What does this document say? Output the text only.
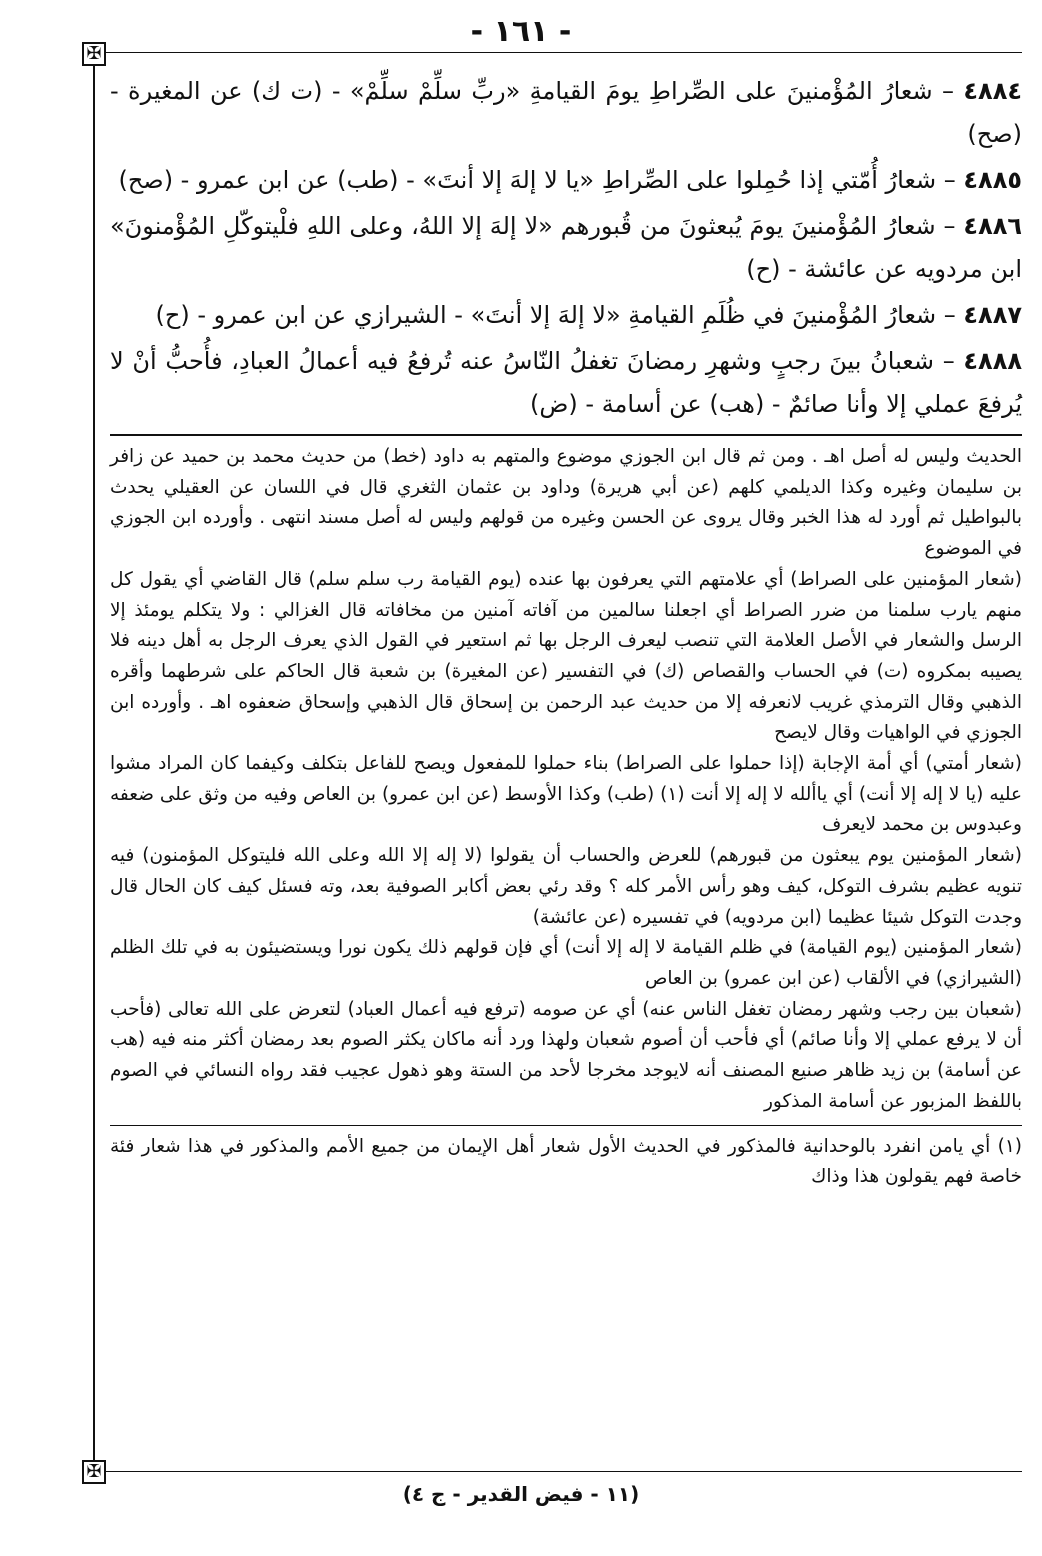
- ١٦١ -
✠

٤٨٨٤ – شعارُ المُؤْمنينَ على الصِّراطِ يومَ القيامةِ «ربِّ سلِّمْ سلِّمْ» - (ت ك) عن المغيرة - (صح)

٤٨٨٥ – شعارُ أُمّتي إذا حُمِلوا على الصِّراطِ «يا لا إلهَ إلا أنتَ» - (طب) عن ابن عمرو - (صح)

٤٨٨٦ – شعارُ المُؤْمنينَ يومَ يُبعثونَ من قُبورهم «لا إلهَ إلا اللهُ، وعلى اللهِ فلْيتوكّلِ المُؤْمنونَ» ابن مردويه عن عائشة - (ح)

٤٨٨٧ – شعارُ المُؤْمنينَ في ظُلَمِ القيامةِ «لا إلهَ إلا أنتَ» - الشيرازي عن ابن عمرو - (ح)

٤٨٨٨ – شعبانُ بينَ رجبٍ وشهرِ رمضانَ تغفلُ النّاسُ عنه تُرفعُ فيه أعمالُ العبادِ، فأُحبُّ أنْ لا يُرفعَ عملي إلا وأنا صائمٌ - (هب) عن أسامة - (ض)

الحديث وليس له أصل اهـ . ومن ثم قال ابن الجوزي موضوع والمتهم به داود (خط) من حديث محمد بن حميد عن زافر بن سليمان وغيره وكذا الديلمي كلهم (عن أبي هريرة) وداود بن عثمان الثغري قال في اللسان عن العقيلي يحدث بالبواطيل ثم أورد له هذا الخبر وقال يروى عن الحسن وغيره من قولهم وليس له أصل مسند انتهى . وأورده ابن الجوزي في الموضوع

(شعار المؤمنين على الصراط) أي علامتهم التي يعرفون بها عنده (يوم القيامة رب سلم سلم) قال القاضي أي يقول كل منهم يارب سلمنا من ضرر الصراط أي اجعلنا سالمين من آفاته آمنين من مخافاته قال الغزالي : ولا يتكلم يومئذ إلا الرسل والشعار في الأصل العلامة التي تنصب ليعرف الرجل بها ثم استعير في القول الذي يعرف الرجل به أهل دينه فلا يصيبه بمكروه (ت) في الحساب والقصاص (ك) في التفسير (عن المغيرة) بن شعبة قال الحاكم على شرطهما وأقره الذهبي وقال الترمذي غريب لانعرفه إلا من حديث عبد الرحمن بن إسحاق قال الذهبي وإسحاق ضعفوه اهـ . وأورده ابن الجوزي في الواهيات وقال لايصح

(شعار أمتي) أي أمة الإجابة (إذا حملوا على الصراط) بناء حملوا للمفعول ويصح للفاعل بتكلف وكيفما كان المراد مشوا عليه (يا لا إله إلا أنت) أي ياألله لا إله إلا أنت (١) (طب) وكذا الأوسط (عن ابن عمرو) بن العاص وفيه من وثق على ضعفه وعبدوس بن محمد لايعرف

(شعار المؤمنين يوم يبعثون من قبورهم) للعرض والحساب أن يقولوا (لا إله إلا الله وعلى الله فليتوكل المؤمنون) فيه تنويه عظيم بشرف التوكل، كيف وهو رأس الأمر كله ؟ وقد رئي بعض أكابر الصوفية بعد، وته فسئل كيف كان الحال قال وجدت التوكل شيئا عظيما (ابن مردويه) في تفسيره (عن عائشة)

(شعار المؤمنين (يوم القيامة) في ظلم القيامة لا إله إلا أنت) أي فإن قولهم ذلك يكون نورا ويستضيئون به في تلك الظلم (الشيرازي) في الألقاب (عن ابن عمرو) بن العاص

(شعبان بين رجب وشهر رمضان تغفل الناس عنه) أي عن صومه (ترفع فيه أعمال العباد) لتعرض على الله تعالى (فأحب أن لا يرفع عملي إلا وأنا صائم) أي فأحب أن أصوم شعبان ولهذا ورد أنه ماكان يكثر الصوم بعد رمضان أكثر منه فيه (هب عن أسامة) بن زيد ظاهر صنيع المصنف أنه لايوجد مخرجا لأحد من الستة وهو ذهول عجيب فقد رواه النسائي في الصوم باللفظ المزبور عن أسامة المذكور

(١) أي يامن انفرد بالوحدانية فالمذكور في الحديث الأول شعار أهل الإيمان من جميع الأمم والمذكور في هذا شعار فئة خاصة فهم يقولون هذا وذاك

✠
(١١ - فيض القدير - ج ٤)
